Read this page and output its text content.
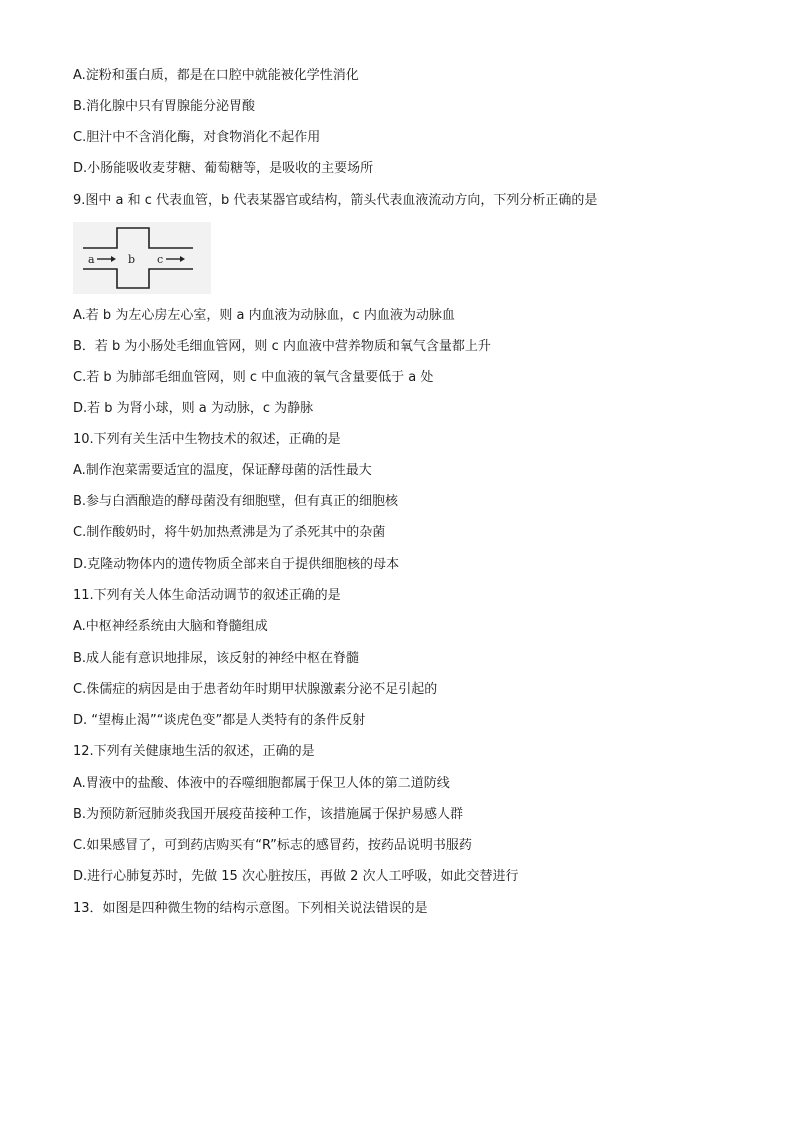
A.淀粉和蛋白质，都是在口腔中就能被化学性消化
B.消化腺中只有胃腺能分泌胃酸
C.胆汁中不含消化酶，对食物消化不起作用
D.小肠能吸收麦芽糖、葡萄糖等，是吸收的主要场所
9.图中 a 和 c 代表血管，b 代表某器官或结构，箭头代表血液流动方向，下列分析正确的是
a	b c
A.若 b 为左心房左心室，则 a 内血液为动脉血，c 内血液为动脉血
B．若 b 为小肠处毛细血管网，则 c 内血液中营养物质和氧气含量都上升
C.若 b 为肺部毛细血管网，则 c 中血液的氧气含量要低于 a 处
D.若 b 为肾小球，则 a 为动脉，c 为静脉
10.下列有关生活中生物技术的叙述，正确的是
A.制作泡菜需要适宜的温度，保证酵母菌的活性最大
B.参与白酒酿造的酵母菌没有细胞壁，但有真正的细胞核
C.制作酸奶时，将牛奶加热煮沸是为了杀死其中的杂菌
D.克隆动物体内的遗传物质全部来自于提供细胞核的母本
11.下列有关人体生命活动调节的叙述正确的是
A.中枢神经系统由大脑和脊髓组成
B.成人能有意识地排尿，该反射的神经中枢在脊髓
C.侏儒症的病因是由于患者幼年时期甲状腺激素分泌不足引起的
D. “望梅止渴”“谈虎色变”都是人类特有的条件反射
12.下列有关健康地生活的叙述，正确的是
A.胃液中的盐酸、体液中的吞噬细胞都属于保卫人体的第二道防线
B.为预防新冠肺炎我国开展疫苗接种工作，该措施属于保护易感人群
C.如果感冒了，可到药店购买有“R”标志的感冒药，按药品说明书服药
D.进行心肺复苏时，先做 15 次心脏按压，再做 2 次人工呼吸，如此交替进行
13．如图是四种微生物的结构示意图。下列相关说法错误的是
